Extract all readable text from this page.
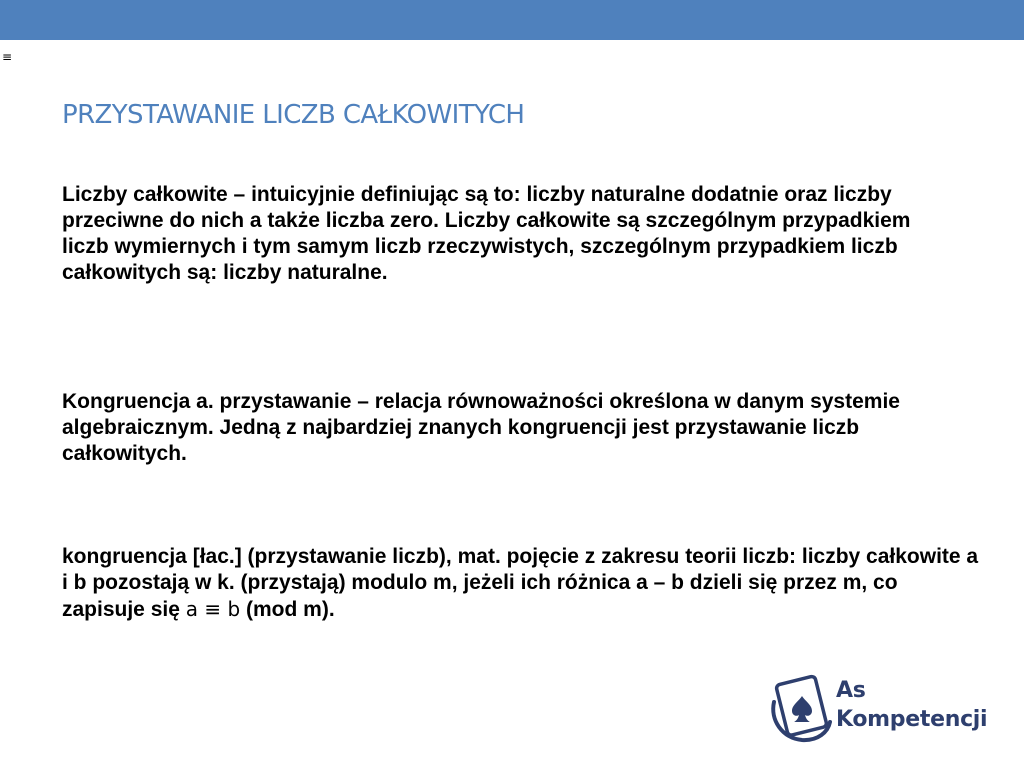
≡
PRZYSTAWANIE LICZB CAŁKOWITYCH

Liczby całkowite – intuicyjnie definiując są to: liczby naturalne dodatnie oraz liczby przeciwne do nich a także liczba zero. Liczby całkowite są szczególnym przypadkiem liczb wymiernych i tym samym liczb rzeczywistych, szczególnym przypadkiem liczb całkowitych są: liczby naturalne.

Kongruencja a. przystawanie – relacja równoważności określona w danym systemie algebraicznym. Jedną z najbardziej znanych kongruencji jest przystawanie liczb całkowitych.

kongruencja [łac.] (przystawanie liczb), mat. pojęcie z zakresu teorii liczb: liczby całkowite a i b pozostają w k. (przystają) modulo m, jeżeli ich różnica a – b dzieli się przez m, co zapisuje się a ≡ b (mod m).

As
Kompetencji
